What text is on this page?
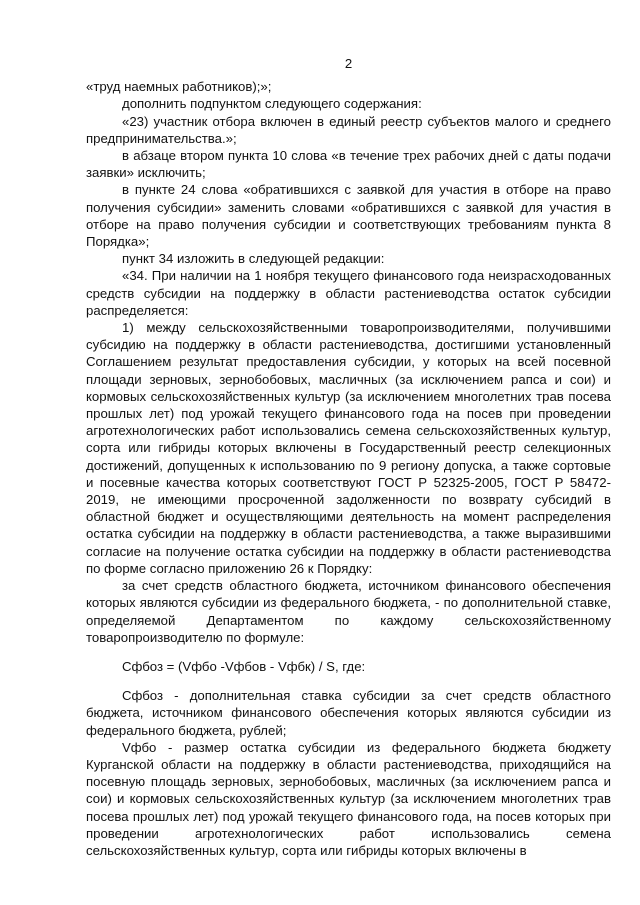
2

«труд наемных работников);»;

дополнить подпунктом следующего содержания:

«23) участник отбора включен в единый реестр субъектов малого и среднего предпринимательства.»;

в абзаце втором пункта 10 слова «в течение трех рабочих дней с даты подачи заявки» исключить;

в пункте 24 слова «обратившихся с заявкой для участия в отборе на право получения субсидии» заменить словами «обратившихся с заявкой для участия в отборе на право получения субсидии и соответствующих требованиям пункта 8 Порядка»;

пункт 34 изложить в следующей редакции:

«34. При наличии на 1 ноября текущего финансового года неизрасходованных средств субсидии на поддержку в области растениеводства остаток субсидии распределяется:

1) между сельскохозяйственными товаропроизводителями, получившими субсидию на поддержку в области растениеводства, достигшими установленный Соглашением результат предоставления субсидии, у которых на всей посевной площади зерновых, зернобобовых, масличных (за исключением рапса и сои) и кормовых сельскохозяйственных культур (за исключением многолетних трав посева прошлых лет) под урожай текущего финансового года на посев при проведении агротехнологических работ использовались семена сельскохозяйственных культур, сорта или гибриды которых включены в Государственный реестр селекционных достижений, допущенных к использованию по 9 региону допуска, а также сортовые и посевные качества которых соответствуют ГОСТ Р 52325-2005, ГОСТ Р 58472-2019, не имеющими просроченной задолженности по возврату субсидий в областной бюджет и осуществляющими деятельность на момент распределения остатка субсидии на поддержку в области растениеводства, а также выразившими согласие на получение остатка субсидии на поддержку в области растениеводства по форме согласно приложению 26 к Порядку:

за счет средств областного бюджета, источником финансового обеспечения которых являются субсидии из федерального бюджета, - по дополнительной ставке, определяемой Департаментом по каждому сельскохозяйственному товаропроизводителю по формуле:

Сфбоз = (Vфбо -Vфбов - Vфбк) / S, где:

Сфбоз - дополнительная ставка субсидии за счет средств областного бюджета, источником финансового обеспечения которых являются субсидии из федерального бюджета, рублей;

Vфбо - размер остатка субсидии из федерального бюджета бюджету Курганской области на поддержку в области растениеводства, приходящийся на посевную площадь зерновых, зернобобовых, масличных (за исключением рапса и сои) и кормовых сельскохозяйственных культур (за исключением многолетних трав посева прошлых лет) под урожай текущего финансового года, на посев которых при проведении агротехнологических работ использовались семена сельскохозяйственных культур, сорта или гибриды которых включены в
